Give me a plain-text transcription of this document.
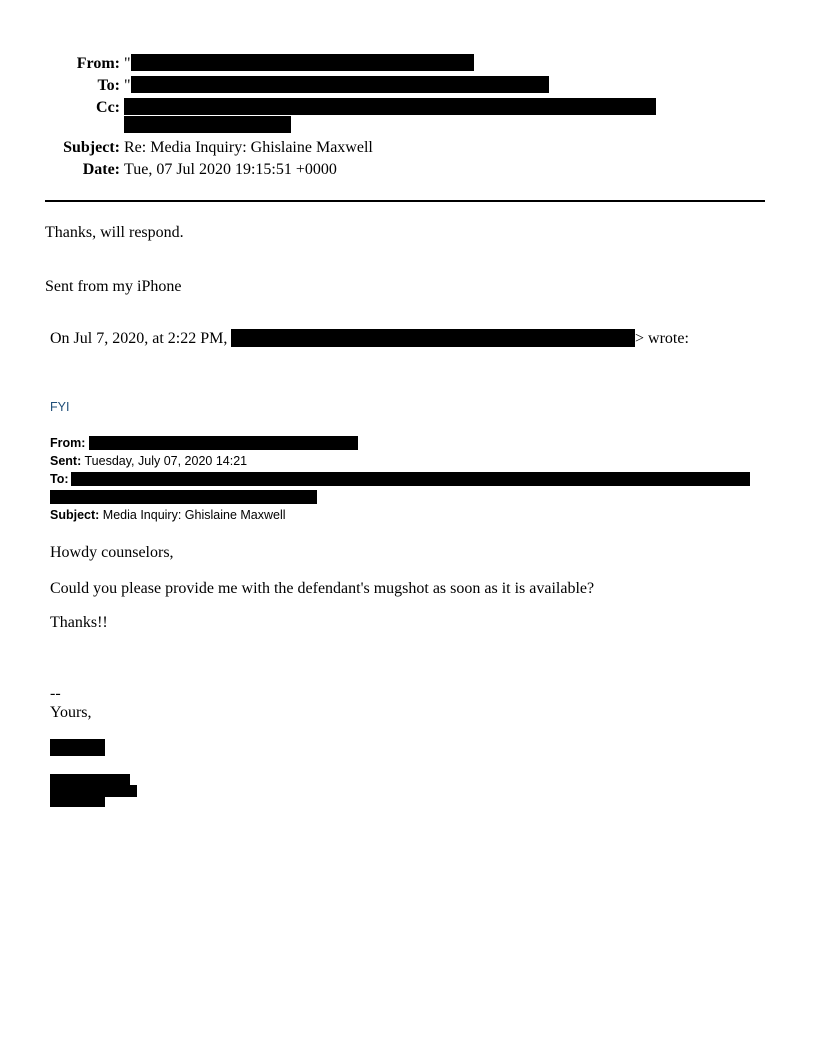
From: "
To: "
Cc:
Subject: Re: Media Inquiry: Ghislaine Maxwell
Date: Tue, 07 Jul 2020 19:15:51 +0000
Thanks, will respond.
Sent from my iPhone
On Jul 7, 2020, at 2:22 PM,	> wrote:
FYI
From:
Sent: Tuesday, July 07, 2020 14:21
To:
Subject: Media Inquiry: Ghislaine Maxwell
Howdy counselors,
Could you please provide me with the defendant's mugshot as soon as it is available?
Thanks!!
--
Yours,
